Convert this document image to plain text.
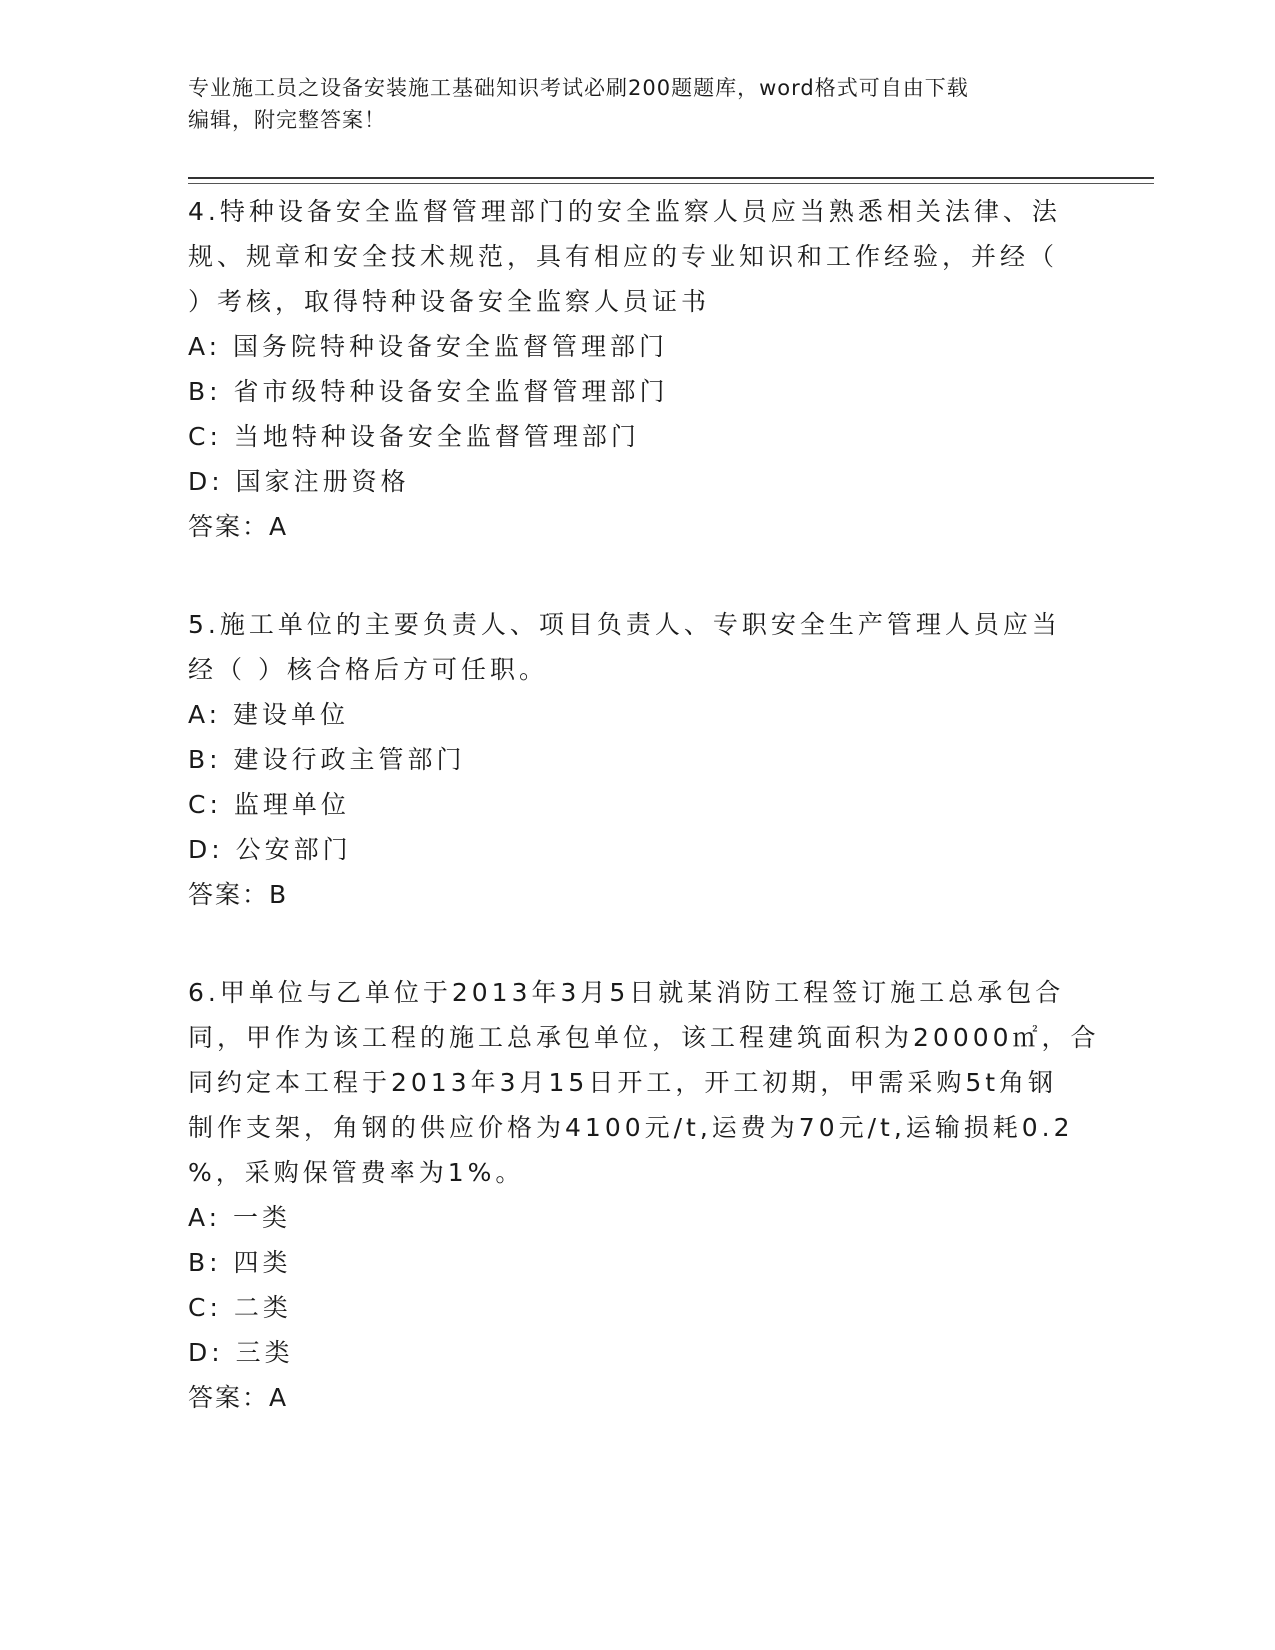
专业施工员之设备安装施工基础知识考试必刷200题题库，word格式可自由下载
编辑，附完整答案！
4.特种设备安全监督管理部门的安全监察人员应当熟悉相关法律、法
规、规章和安全技术规范，具有相应的专业知识和工作经验，并经（
）考核，取得特种设备安全监察人员证书
A: 国务院特种设备安全监督管理部门
B: 省市级特种设备安全监督管理部门
C: 当地特种设备安全监督管理部门
D: 国家注册资格
答案：A
5.施工单位的主要负责人、项目负责人、专职安全生产管理人员应当
经（ ）核合格后方可任职。
A: 建设单位
B: 建设行政主管部门
C: 监理单位
D: 公安部门
答案：B
6.甲单位与乙单位于2013年3月5日就某消防工程签订施工总承包合
同，甲作为该工程的施工总承包单位，该工程建筑面积为20000㎡，合
同约定本工程于2013年3月15日开工，开工初期，甲需采购5t角钢
制作支架，角钢的供应价格为4100元/t,运费为70元/t,运输损耗0.2
%，采购保管费率为1%。
A: 一类
B: 四类
C: 二类
D: 三类
答案：A
